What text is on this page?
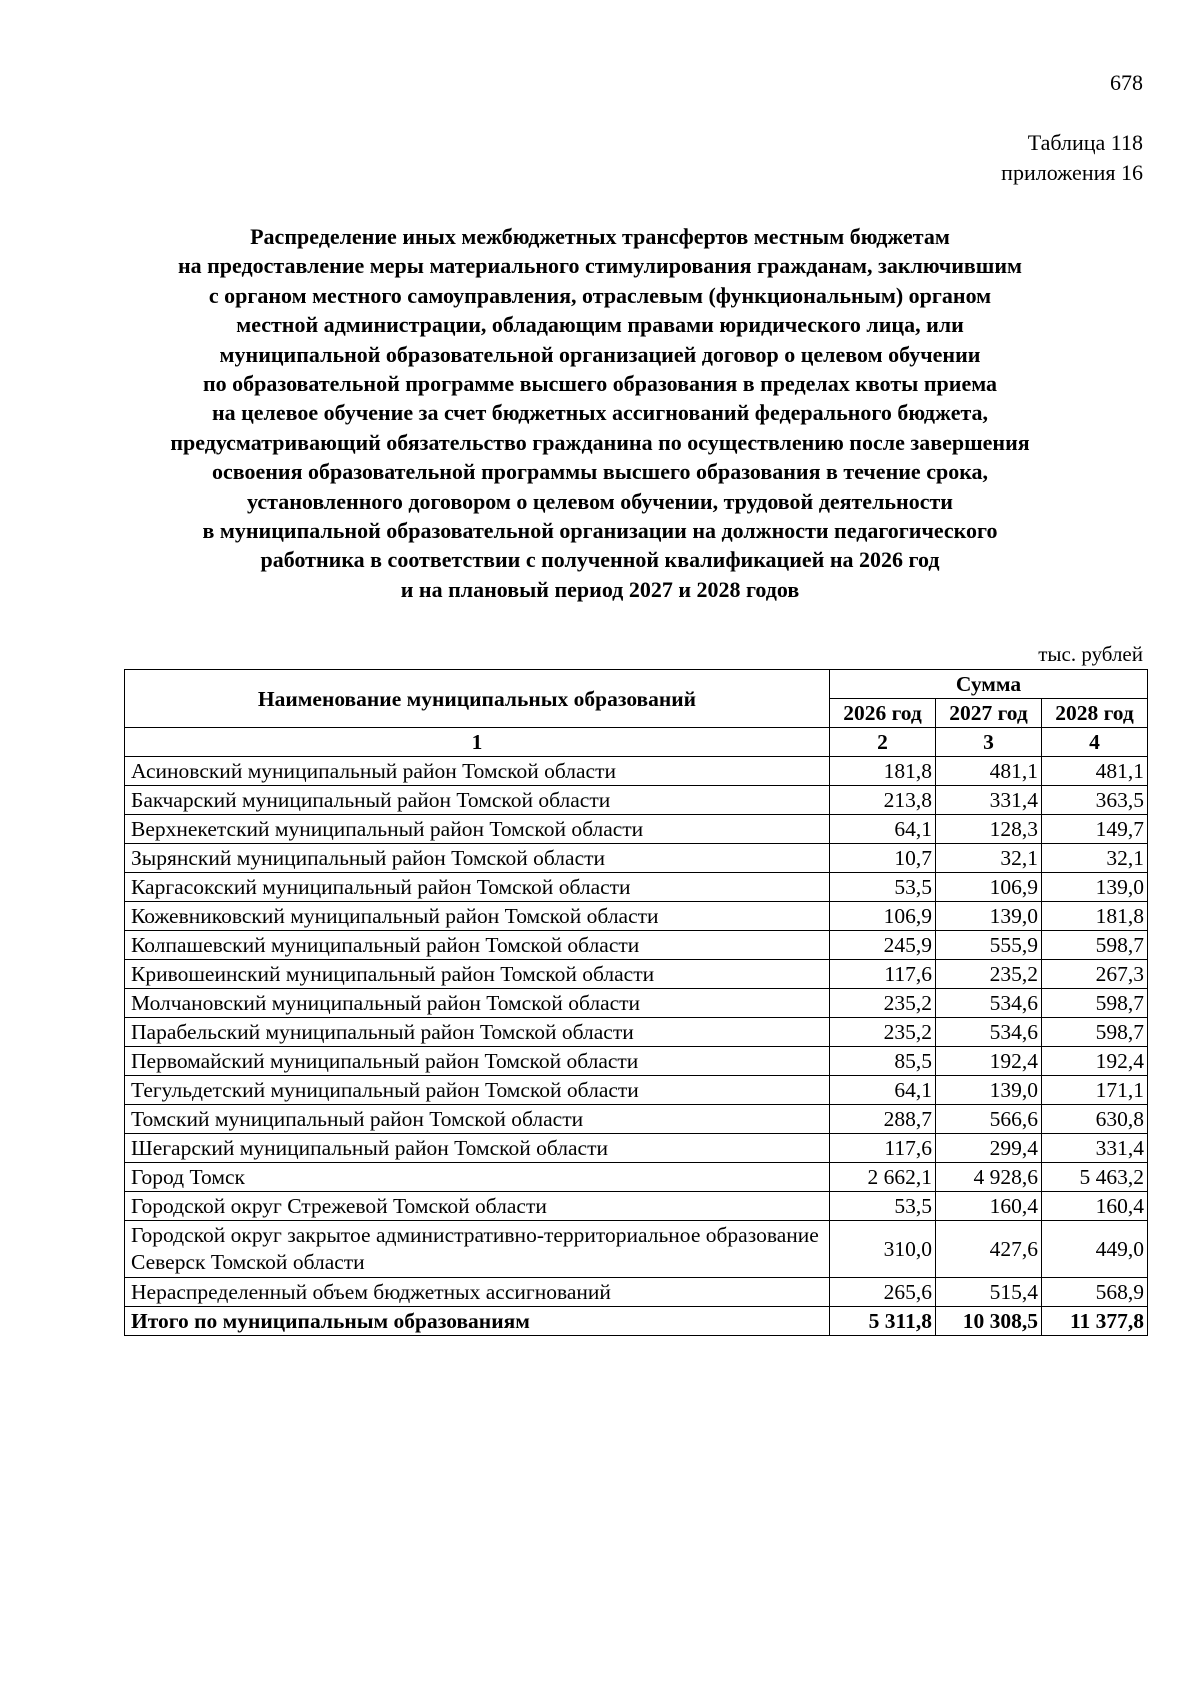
678
Таблица 118
приложения 16
Распределение иных межбюджетных трансфертов местным бюджетам
на предоставление меры материального стимулирования гражданам, заключившим
с органом местного самоуправления, отраслевым (функциональным) органом
местной администрации, обладающим правами юридического лица, или
муниципальной образовательной организацией договор о целевом обучении
по образовательной программе высшего образования в пределах квоты приема
на целевое обучение за счет бюджетных ассигнований федерального бюджета,
предусматривающий обязательство гражданина по осуществлению после завершения
освоения образовательной программы высшего образования в течение срока,
установленного договором о целевом обучении, трудовой деятельности
в муниципальной образовательной организации на должности педагогического
работника в соответствии с полученной квалификацией на 2026 год
и на плановый период 2027 и 2028 годов
тыс. рублей
Наименование муниципальных образований	Сумма		
	2026 год	2027 год	2028 год
1	2	3	4
Асиновский муниципальный район Томской области	181,8	481,1	481,1
Бакчарский муниципальный район Томской области	213,8	331,4	363,5
Верхнекетский муниципальный район Томской области	64,1	128,3	149,7
Зырянский муниципальный район Томской области	10,7	32,1	32,1
Каргасокский муниципальный район Томской области	53,5	106,9	139,0
Кожевниковский муниципальный район Томской области	106,9	139,0	181,8
Колпашевский муниципальный район Томской области	245,9	555,9	598,7
Кривошеинский муниципальный район Томской области	117,6	235,2	267,3
Молчановский муниципальный район Томской области	235,2	534,6	598,7
Парабельский муниципальный район Томской области	235,2	534,6	598,7
Первомайский муниципальный район Томской области	85,5	192,4	192,4
Тегульдетский муниципальный район Томской области	64,1	139,0	171,1
Томский муниципальный район Томской области	288,7	566,6	630,8
Шегарский муниципальный район Томской области	117,6	299,4	331,4
Город Томск	2 662,1	4 928,6	5 463,2
Городской округ Стрежевой Томской области	53,5	160,4	160,4
Городской округ закрытое административно-территориальное образование Северск Томской области	310,0	427,6	449,0
Нераспределенный объем бюджетных ассигнований	265,6	515,4	568,9
Итого по муниципальным образованиям	5 311,8	10 308,5	11 377,8
